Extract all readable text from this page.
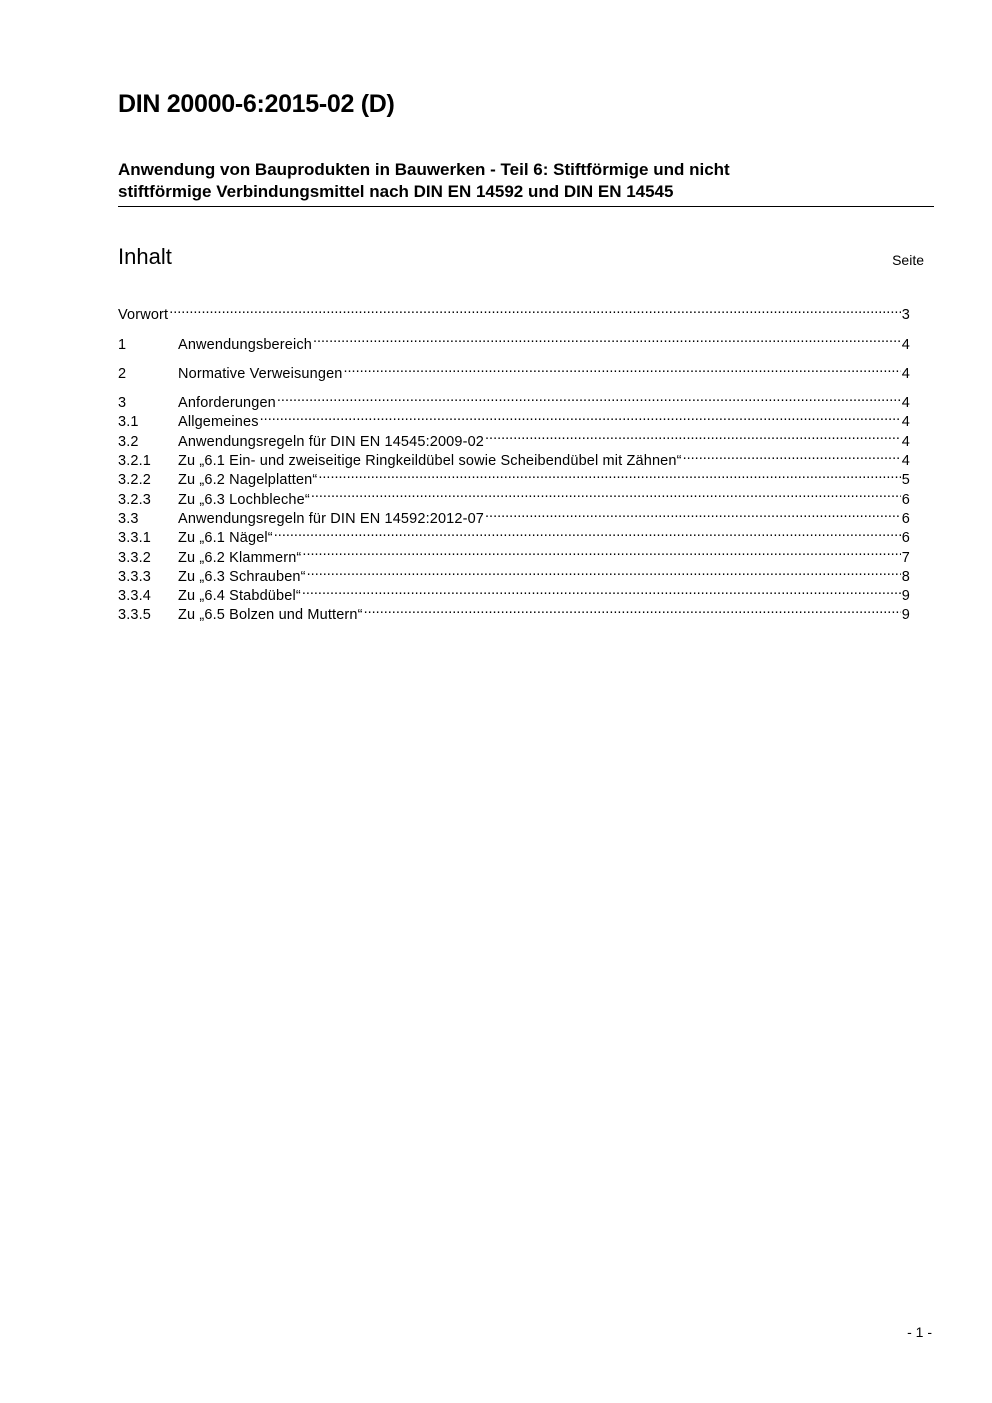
DIN 20000-6:2015-02 (D)
Anwendung von Bauprodukten in Bauwerken - Teil 6: Stiftförmige und nicht
stiftförmige Verbindungsmittel nach DIN EN 14592 und DIN EN 14545
Inhalt	Seite
Vorwort .....	3
1	Anwendungsbereich .....	4
2	Normative Verweisungen .....	4
3	Anforderungen .....	4
3.1	Allgemeines .....	4
3.2	Anwendungsregeln für DIN EN 14545:2009-02 .....	4
3.2.1	Zu „6.1 Ein- und zweiseitige Ringkeildübel sowie Scheibendübel mit Zähnen“ .....	4
3.2.2	Zu „6.2 Nagelplatten“ .....	5
3.2.3	Zu „6.3 Lochbleche“ .....	6
3.3	Anwendungsregeln für DIN EN 14592:2012-07 .....	6
3.3.1	Zu „6.1 Nägel“ .....	6
3.3.2	Zu „6.2 Klammern“ .....	7
3.3.3	Zu „6.3 Schrauben“ .....	8
3.3.4	Zu „6.4 Stabdübel“ .....	9
3.3.5	Zu „6.5 Bolzen und Muttern“ .....	9
- 1 -
